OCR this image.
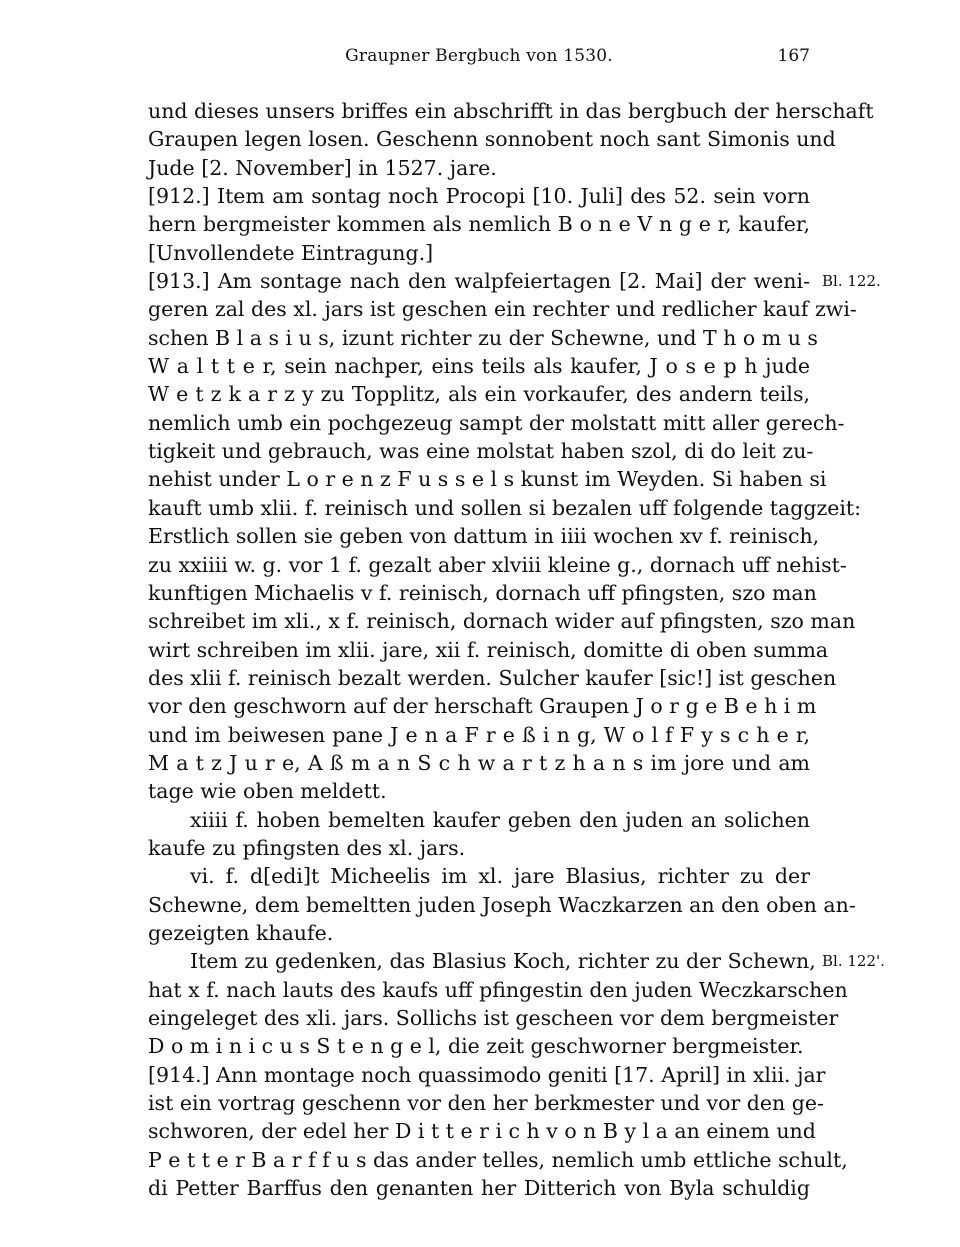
Graupner Bergbuch von 1530.	167
und dieses unsers briffes ein abschrifft in das bergbuch der herschaft
Graupen legen losen. Geschenn sonnobent noch sant Simonis und
Jude [2. November] in 1527. jare.
[912.] Item am sontag noch Procopi [10. Juli] des 52. sein vorn
hern bergmeister kommen als nemlich B o n e V n g e r, kaufer,
[Unvollendete Eintragung.]
[913.] Am sontage nach den walpfeiertagen [2. Mai] der weni- Bl. 122.
geren zal des xl. jars ist geschen ein rechter und redlicher kauf zwi-
schen B l a s i u s, izunt richter zu der Schewne, und T h o m u s
W a l t t e r, sein nachper, eins teils als kaufer, J o s e p h jude
W e t z k a r z y zu Topplitz, als ein vorkaufer, des andern teils,
nemlich umb ein pochgezeug sampt der molstatt mitt aller gerech-
tigkeit und gebrauch, was eine molstat haben szol, di do leit zu-
nehist under L o r e n z F u s s e l s kunst im Weyden. Si haben si
kauft umb xlii. f. reinisch und sollen si bezalen uff folgende taggzeit:
Erstlich sollen sie geben von dattum in iiii wochen xv f. reinisch,
zu xxiiii w. g. vor 1 f. gezalt aber xlviii kleine g., dornach uff nehist-
kunftigen Michaelis v f. reinisch, dornach uff pfingsten, szo man
schreibet im xli., x f. reinisch, dornach wider auf pfingsten, szo man
wirt schreiben im xlii. jare, xii f. reinisch, domitte di oben summa
des xlii f. reinisch bezalt werden. Sulcher kaufer [sic!] ist geschen
vor den geschworn auf der herschaft Graupen J o r g e B e h i m
und im beiwesen pane J e n a F r e ß i n g, W o l f F y s c h e r,
M a t z J u r e, A ß m a n S c h w a r t z h a n s im jore und am
tage wie oben meldett.
xiiii f. hoben bemelten kaufer geben den juden an solichen
kaufe zu pfingsten des xl. jars.
vi. f. d[edi]t Micheelis im xl. jare Blasius, richter zu der
Schewne, dem bemeltten juden Joseph Waczkarzen an den oben an-
gezeigten khaufe.
Item zu gedenken, das Blasius Koch, richter zu der Schewn, Bl. 122'.
hat x f. nach lauts des kaufs uff pfingestin den juden Weczkarschen
eingeleget des xli. jars. Sollichs ist gescheen vor dem bergmeister
D o m i n i c u s S t e n g e l, die zeit geschworner bergmeister.
[914.] Ann montage noch quassimodo geniti [17. April] in xlii. jar
ist ein vortrag geschenn vor den her berkmester und vor den ge-
schworen, der edel her D i t t e r i c h v o n B y l a an einem und
P e t t e r B a r f f u s das ander telles, nemlich umb ettliche schult,
di Petter Barffus den genanten her Ditterich von Byla schuldig
